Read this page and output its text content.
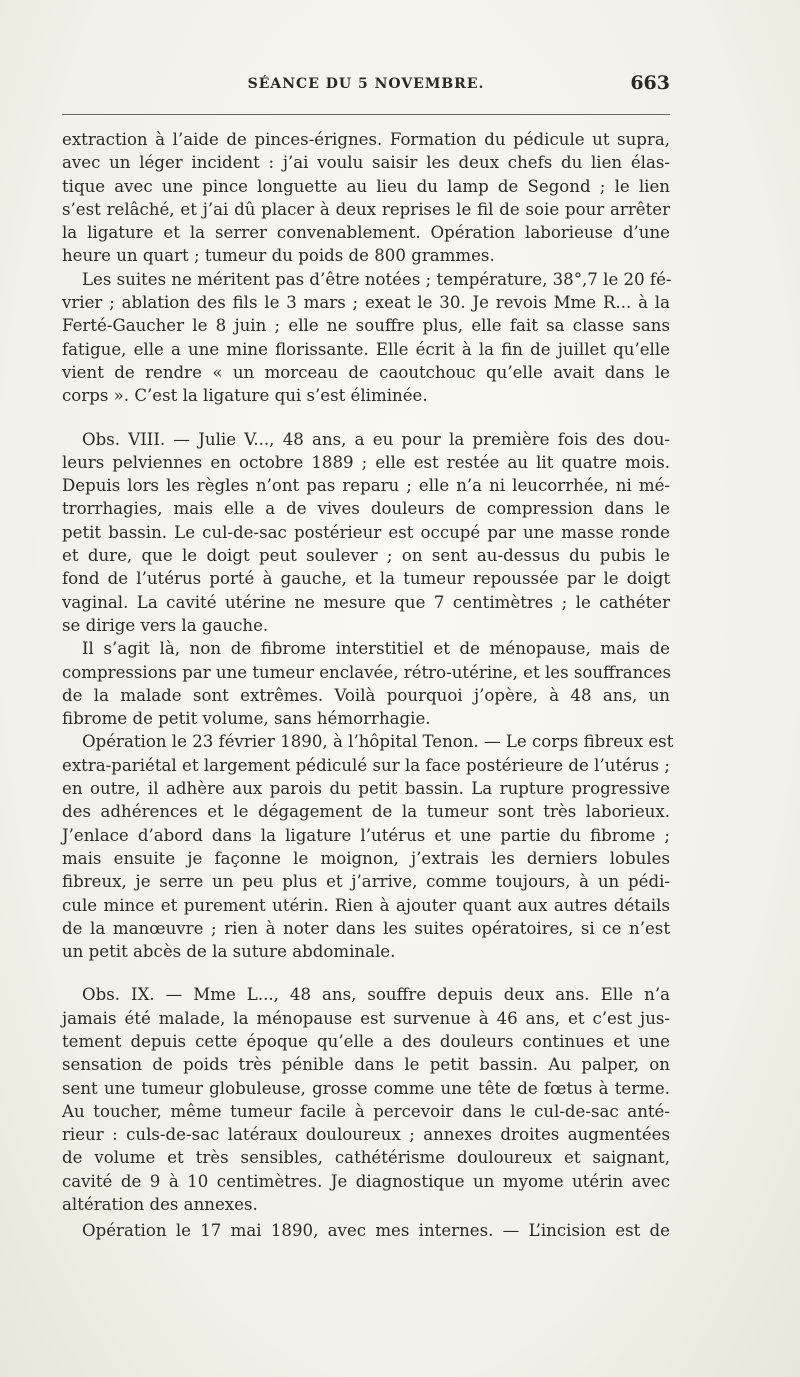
SÉANCE DU 5 NOVEMBRE.	663
extraction à l’aide de pinces-érignes. Formation du pédicule ut supra,
avec un léger incident : j’ai voulu saisir les deux chefs du lien élas-
tique avec une pince longuette au lieu du lamp de Segond ; le lien
s’est relâché, et j’ai dû placer à deux reprises le fil de soie pour arrêter
la ligature et la serrer convenablement. Opération laborieuse d’une
heure un quart ; tumeur du poids de 800 grammes.
Les suites ne méritent pas d’être notées ; température, 38°,7 le 20 fé-
vrier ; ablation des fils le 3 mars ; exeat le 30. Je revois Mme R... à la
Ferté-Gaucher le 8 juin ; elle ne souffre plus, elle fait sa classe sans
fatigue, elle a une mine florissante. Elle écrit à la fin de juillet qu’elle
vient de rendre « un morceau de caoutchouc qu’elle avait dans le
corps ». C’est la ligature qui s’est éliminée.
Obs. VIII. — Julie V..., 48 ans, a eu pour la première fois des dou-
leurs pelviennes en octobre 1889 ; elle est restée au lit quatre mois.
Depuis lors les règles n’ont pas reparu ; elle n’a ni leucorrhée, ni mé-
trorrhagies, mais elle a de vives douleurs de compression dans le
petit bassin. Le cul-de-sac postérieur est occupé par une masse ronde
et dure, que le doigt peut soulever ; on sent au-dessus du pubis le
fond de l’utérus porté à gauche, et la tumeur repoussée par le doigt
vaginal. La cavité utérine ne mesure que 7 centimètres ; le cathéter
se dirige vers la gauche.
Il s’agit là, non de fibrome interstitiel et de ménopause, mais de
compressions par une tumeur enclavée, rétro-utérine, et les souffrances
de la malade sont extrêmes. Voilà pourquoi j’opère, à 48 ans, un
fibrome de petit volume, sans hémorrhagie.
Opération le 23 février 1890, à l’hôpital Tenon. — Le corps fibreux est
extra-pariétal et largement pédiculé sur la face postérieure de l’utérus ;
en outre, il adhère aux parois du petit bassin. La rupture progressive
des adhérences et le dégagement de la tumeur sont très laborieux.
J’enlace d’abord dans la ligature l’utérus et une partie du fibrome ;
mais ensuite je façonne le moignon, j’extrais les derniers lobules
fibreux, je serre un peu plus et j’arrive, comme toujours, à un pédi-
cule mince et purement utérin. Rien à ajouter quant aux autres détails
de la manœuvre ; rien à noter dans les suites opératoires, si ce n’est
un petit abcès de la suture abdominale.
Obs. IX. — Mme L..., 48 ans, souffre depuis deux ans. Elle n’a
jamais été malade, la ménopause est survenue à 46 ans, et c’est jus-
tement depuis cette époque qu’elle a des douleurs continues et une
sensation de poids très pénible dans le petit bassin. Au palper, on
sent une tumeur globuleuse, grosse comme une tête de fœtus à terme.
Au toucher, même tumeur facile à percevoir dans le cul-de-sac anté-
rieur : culs-de-sac latéraux douloureux ; annexes droites augmentées
de volume et très sensibles, cathétérisme douloureux et saignant,
cavité de 9 à 10 centimètres. Je diagnostique un myome utérin avec
altération des annexes.
Opération le 17 mai 1890, avec mes internes. — L’incision est de
